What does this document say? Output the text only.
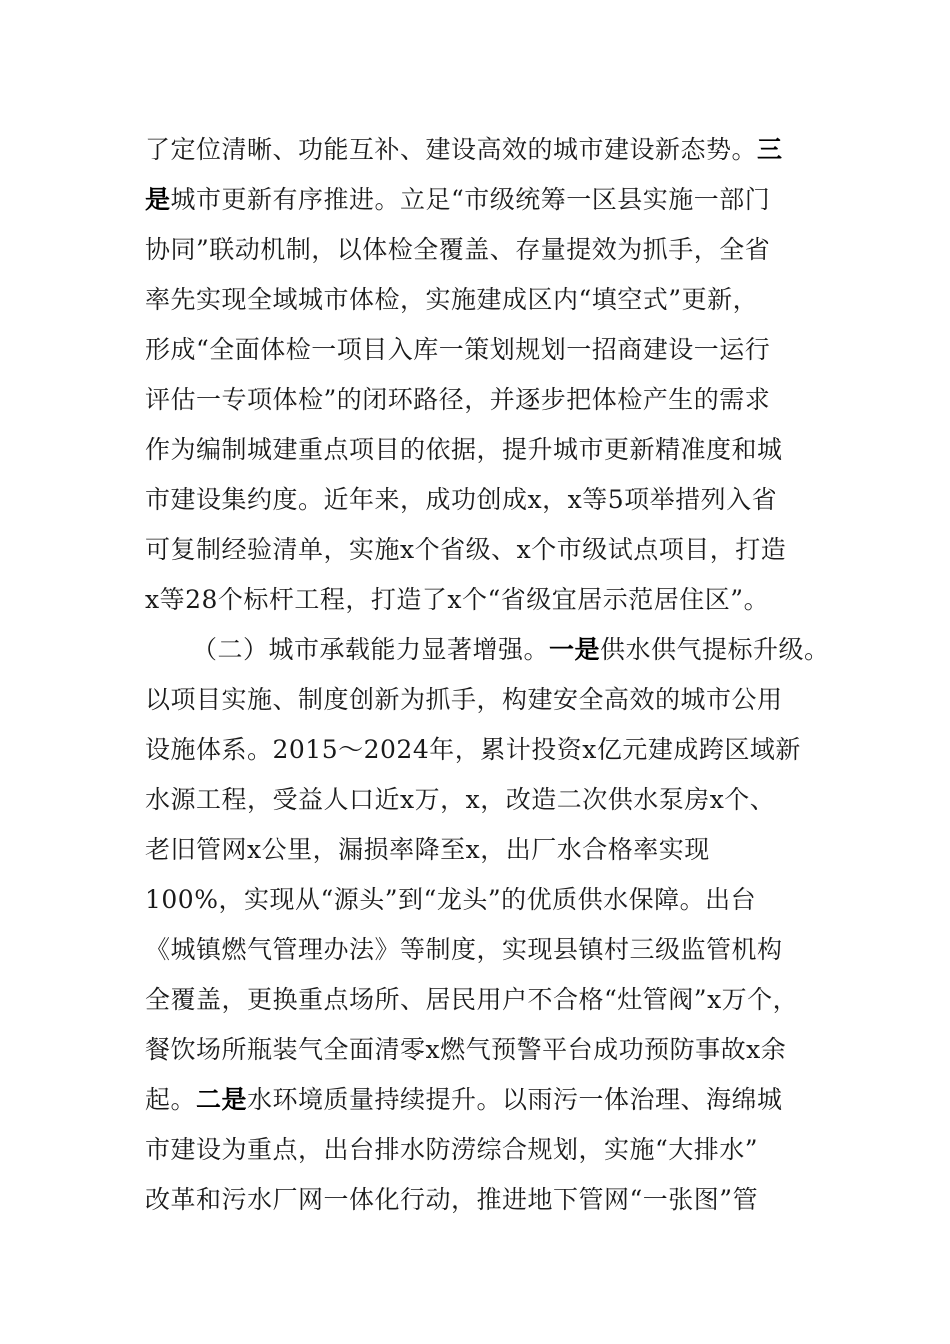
了定位清晰、功能互补、建设高效的城市建设新态势。三
是城市更新有序推进。立足“市级统筹一区县实施一部门
协同”联动机制，以体检全覆盖、存量提效为抓手，全省
率先实现全域城市体检，实施建成区内“填空式”更新，
形成“全面体检一项目入库一策划规划一招商建设一运行
评估一专项体检”的闭环路径，并逐步把体检产生的需求
作为编制城建重点项目的依据，提升城市更新精准度和城
市建设集约度。近年来，成功创成x，x等5项举措列入省
可复制经验清单，实施x个省级、x个市级试点项目，打造
x等28个标杆工程，打造了x个“省级宜居示范居住区”。
（二）城市承载能力显著增强。一是供水供气提标升级。
以项目实施、制度创新为抓手，构建安全高效的城市公用
设施体系。2015～2024年，累计投资x亿元建成跨区域新
水源工程，受益人口近x万，x，改造二次供水泵房x个、
老旧管网x公里，漏损率降至x，出厂水合格率实现
100%，实现从“源头”到“龙头”的优质供水保障。出台
《城镇燃气管理办法》等制度，实现县镇村三级监管机构
全覆盖，更换重点场所、居民用户不合格“灶管阀”x万个，
餐饮场所瓶装气全面清零x燃气预警平台成功预防事故x余
起。二是水环境质量持续提升。以雨污一体治理、海绵城
市建设为重点，出台排水防涝综合规划，实施“大排水”
改革和污水厂网一体化行动，推进地下管网“一张图”管
